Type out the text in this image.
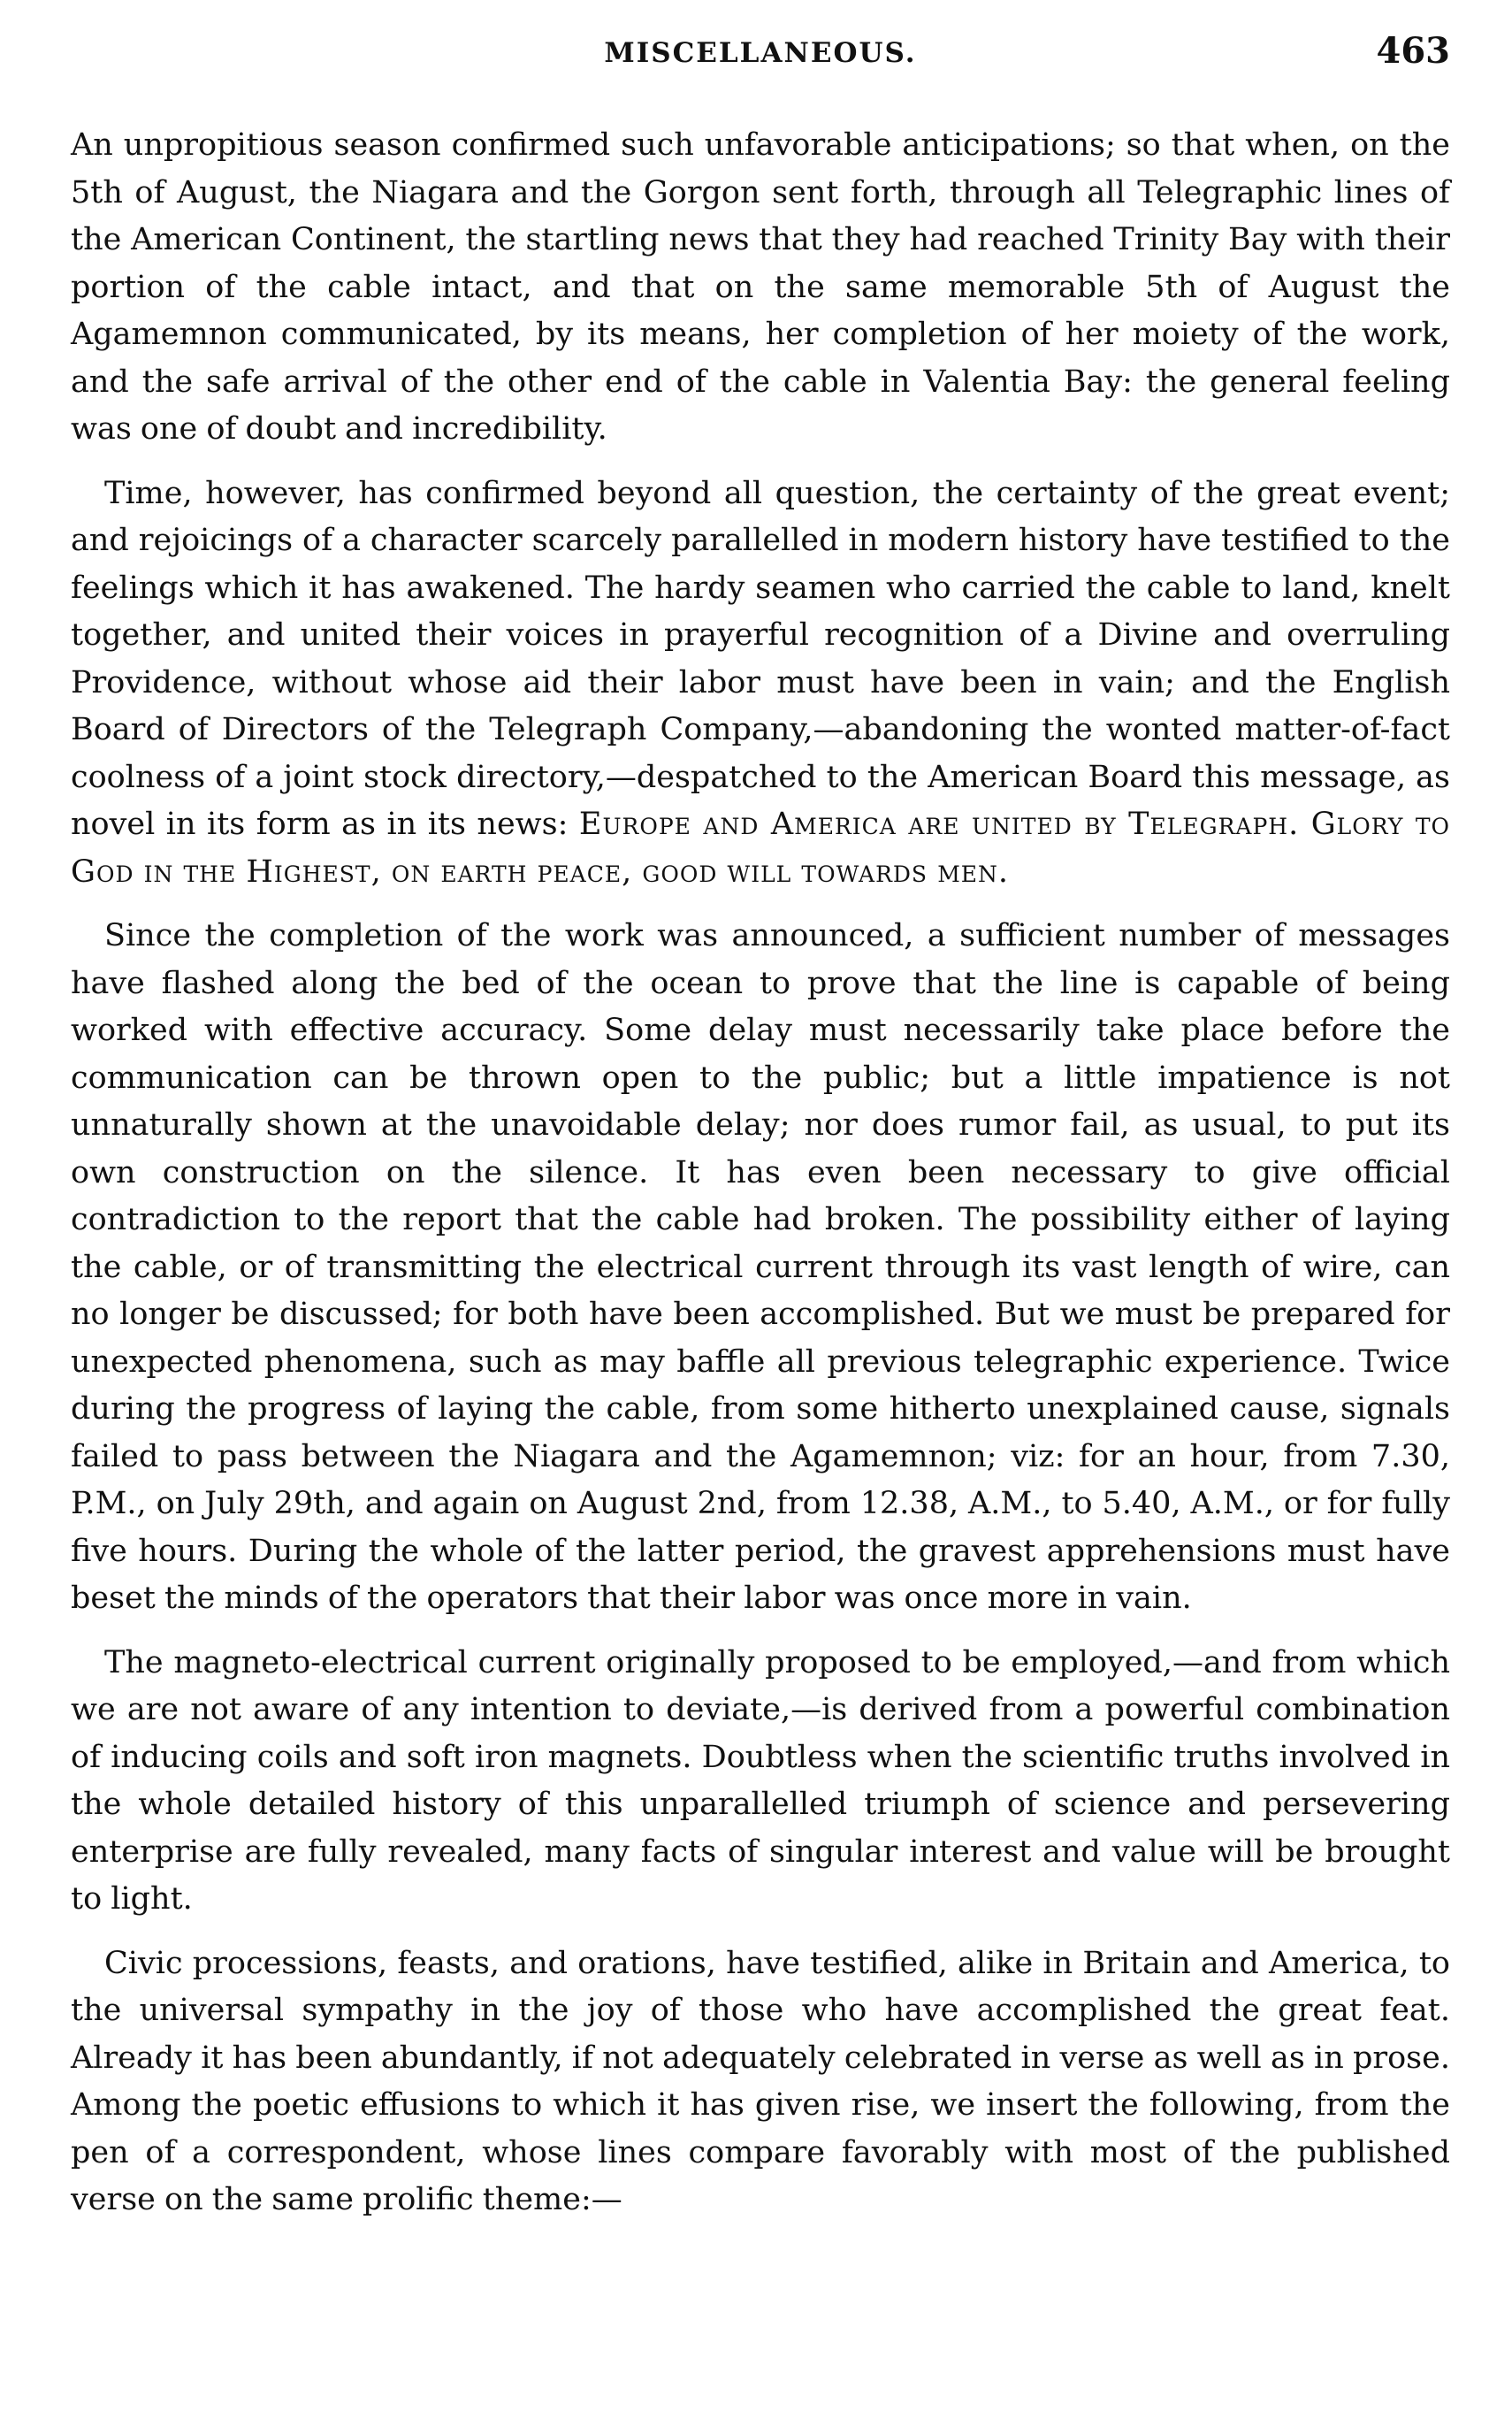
MISCELLANEOUS.	463

An unpropitious season confirmed such unfavorable anticipations; so that when, on the 5th of August, the Niagara and the Gorgon sent forth, through all Telegraphic lines of the American Continent, the startling news that they had reached Trinity Bay with their portion of the cable intact, and that on the same memorable 5th of August the Agamemnon communicated, by its means, her completion of her moiety of the work, and the safe arrival of the other end of the cable in Valentia Bay: the general feeling was one of doubt and incredibility.

Time, however, has confirmed beyond all question, the certainty of the great event; and rejoicings of a character scarcely parallelled in modern history have testified to the feelings which it has awakened. The hardy seamen who carried the cable to land, knelt together, and united their voices in prayerful recognition of a Divine and overruling Providence, without whose aid their labor must have been in vain; and the English Board of Directors of the Telegraph Company,—abandoning the wonted matter-of-fact coolness of a joint stock directory,—despatched to the American Board this message, as novel in its form as in its news: Europe and America are united by Telegraph. Glory to God in the Highest, on earth peace, good will towards men.

Since the completion of the work was announced, a sufficient number of messages have flashed along the bed of the ocean to prove that the line is capable of being worked with effective accuracy. Some delay must necessarily take place before the communication can be thrown open to the public; but a little impatience is not unnaturally shown at the unavoidable delay; nor does rumor fail, as usual, to put its own construction on the silence. It has even been necessary to give official contradiction to the report that the cable had broken. The possibility either of laying the cable, or of transmitting the electrical current through its vast length of wire, can no longer be discussed; for both have been accomplished. But we must be prepared for unexpected phenomena, such as may baffle all previous telegraphic experience. Twice during the progress of laying the cable, from some hitherto unexplained cause, signals failed to pass between the Niagara and the Agamemnon; viz: for an hour, from 7.30, P.M., on July 29th, and again on August 2nd, from 12.38, A.M., to 5.40, A.M., or for fully five hours. During the whole of the latter period, the gravest apprehensions must have beset the minds of the operators that their labor was once more in vain.

The magneto-electrical current originally proposed to be employed,—and from which we are not aware of any intention to deviate,—is derived from a powerful combination of inducing coils and soft iron magnets. Doubtless when the scientific truths involved in the whole detailed history of this unparallelled triumph of science and persevering enterprise are fully revealed, many facts of singular interest and value will be brought to light.

Civic processions, feasts, and orations, have testified, alike in Britain and America, to the universal sympathy in the joy of those who have accomplished the great feat. Already it has been abundantly, if not adequately celebrated in verse as well as in prose. Among the poetic effusions to which it has given rise, we insert the following, from the pen of a correspondent, whose lines compare favorably with most of the published verse on the same prolific theme:—
